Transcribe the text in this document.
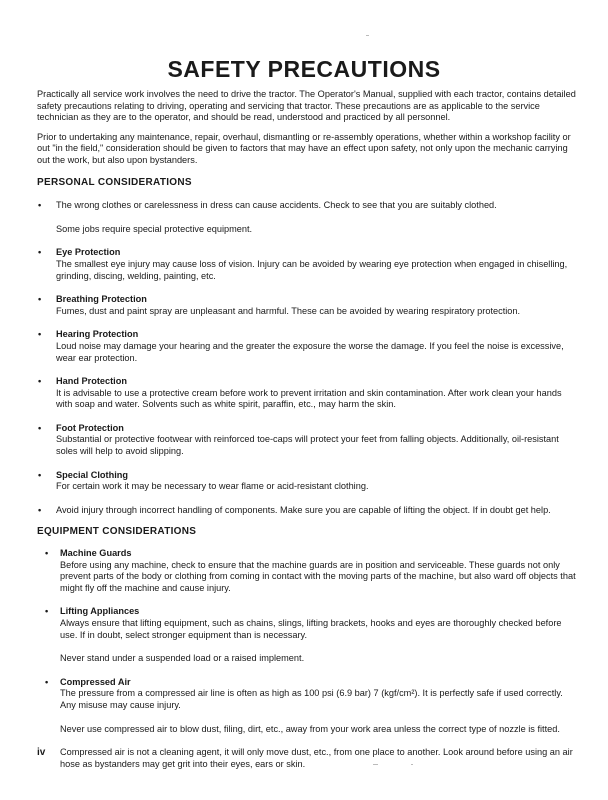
SAFETY PRECAUTIONS

Practically all service work involves the need to drive the tractor. The Operator's Manual, supplied with each tractor, contains detailed safety precautions relating to driving, operating and servicing that tractor. These precautions are as applicable to the service technician as they are to the operator, and should be read, understood and practiced by all personnel.

Prior to undertaking any maintenance, repair, overhaul, dismantling or re-assembly operations, whether within a workshop facility or out "in the field," consideration should be given to factors that may have an effect upon safety, not only upon the mechanic carrying out the work, but also upon bystanders.

PERSONAL CONSIDERATIONS
• The wrong clothes or carelessness in dress can cause accidents. Check to see that you are suitably clothed.

Some jobs require special protective equipment.

• Eye Protection
The smallest eye injury may cause loss of vision. Injury can be avoided by wearing eye protection when engaged in chiselling, grinding, discing, welding, painting, etc.
• Breathing Protection
Fumes, dust and paint spray are unpleasant and harmful. These can be avoided by wearing respiratory protection.
• Hearing Protection
Loud noise may damage your hearing and the greater the exposure the worse the damage. If you feel the noise is excessive, wear ear protection.
• Hand Protection
It is advisable to use a protective cream before work to prevent irritation and skin contamination. After work clean your hands with soap and water. Solvents such as white spirit, paraffin, etc., may harm the skin.
• Foot Protection
Substantial or protective footwear with reinforced toe-caps will protect your feet from falling objects. Additionally, oil-resistant soles will help to avoid slipping.
• Special Clothing
For certain work it may be necessary to wear flame or acid-resistant clothing.
• Avoid injury through incorrect handling of components. Make sure you are capable of lifting the object. If in doubt get help.
EQUIPMENT CONSIDERATIONS
• Machine Guards
Before using any machine, check to ensure that the machine guards are in position and serviceable. These guards not only prevent parts of the body or clothing from coming in contact with the moving parts of the machine, but also ward off objects that might fly off the machine and cause injury.
• Lifting Appliances
Always ensure that lifting equipment, such as chains, slings, lifting brackets, hooks and eyes are thoroughly checked before use. If in doubt, select stronger equipment than is necessary.

Never stand under a suspended load or a raised implement.

• Compressed Air
The pressure from a compressed air line is often as high as 100 psi (6.9 bar) 7 (kgf/cm²). It is perfectly safe if used correctly. Any misuse may cause injury.

Never use compressed air to blow dust, filing, dirt, etc., away from your work area unless the correct type of nozzle is fitted.

Compressed air is not a cleaning agent, it will only move dust, etc., from one place to another. Look around before using an air hose as bystanders may get grit into their eyes, ears or skin.

iv
